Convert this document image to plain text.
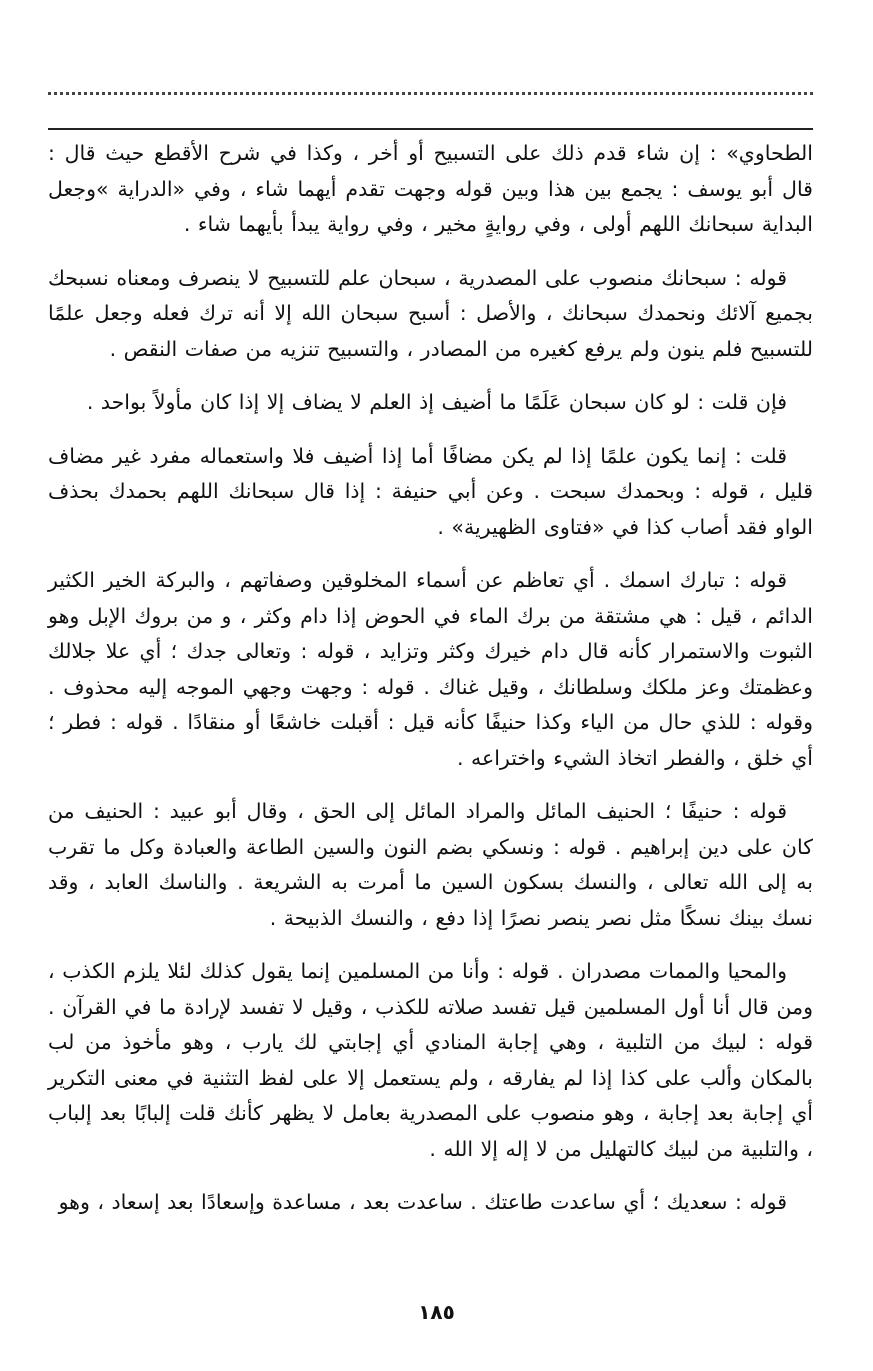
الطحاوي» : إن شاء قدم ذلك على التسبيح أو أخر ، وكذا في شرح الأقطع حيث قال : قال أبو يوسف : يجمع بين هذا وبين قوله وجهت تقدم أيهما شاء ، وفي «الدراية »وجعل البداية سبحانك اللهم أولى ، وفي روايةٍ مخير ، وفي رواية يبدأ بأيهما شاء .

قوله : سبحانك منصوب على المصدرية ، سبحان علم للتسبيح لا ينصرف ومعناه نسبحك بجميع آلائك ونحمدك سبحانك ، والأصل : أسبح سبحان الله إلا أنه ترك فعله وجعل علمًا للتسبيح فلم ينون ولم يرفع كغيره من المصادر ، والتسبيح تنزيه من صفات النقص .

فإن قلت : لو كان سبحان عَلَمًا ما أضيف إذ العلم لا يضاف إلا إذا كان مأولاً بواحد .

قلت : إنما يكون علمًا إذا لم يكن مضافًا أما إذا أضيف فلا واستعماله مفرد غير مضاف قليل ، قوله : وبحمدك سبحت . وعن أبي حنيفة : إذا قال سبحانك اللهم بحمدك بحذف الواو فقد أصاب كذا في «فتاوى الظهيرية» .

قوله : تبارك اسمك . أي تعاظم عن أسماء المخلوقين وصفاتهم ، والبركة الخير الكثير الدائم ، قيل : هي مشتقة من برك الماء في الحوض إذا دام وكثر ، و من بروك الإبل وهو الثبوت والاستمرار كأنه قال دام خيرك وكثر وتزايد ، قوله : وتعالى جدك ؛ أي علا جلالك وعظمتك وعز ملكك وسلطانك ، وقيل غناك . قوله : وجهت وجهي الموجه إليه محذوف . وقوله : للذي حال من الياء وكذا حنيفًا كأنه قيل : أقبلت خاشعًا أو منقادًا . قوله : فطر ؛ أي خلق ، والفطر اتخاذ الشيء واختراعه .

قوله : حنيفًا ؛ الحنيف المائل والمراد المائل إلى الحق ، وقال أبو عبيد : الحنيف من كان على دين إبراهيم . قوله : ونسكي بضم النون والسين الطاعة والعبادة وكل ما تقرب به إلى الله تعالى ، والنسك بسكون السين ما أمرت به الشريعة . والناسك العابد ، وقد نسك بينك نسكًا مثل نصر ينصر نصرًا إذا دفع ، والنسك الذبيحة .

والمحيا والممات مصدران . قوله : وأنا من المسلمين إنما يقول كذلك لئلا يلزم الكذب ، ومن قال أنا أول المسلمين قيل تفسد صلاته للكذب ، وقيل لا تفسد لإرادة ما في القرآن . قوله : لبيك من التلبية ، وهي إجابة المنادي أي إجابتي لك يارب ، وهو مأخوذ من لب بالمكان وألب على كذا إذا لم يفارقه ، ولم يستعمل إلا على لفظ التثنية في معنى التكرير أي إجابة بعد إجابة ، وهو منصوب على المصدرية بعامل لا يظهر كأنك قلت إلبابًا بعد إلباب ، والتلبية من لبيك كالتهليل من لا إله إلا الله .

قوله : سعديك ؛ أي ساعدت طاعتك . ساعدت بعد ، مساعدة وإسعادًا بعد إسعاد ، وهو

١٨٥
